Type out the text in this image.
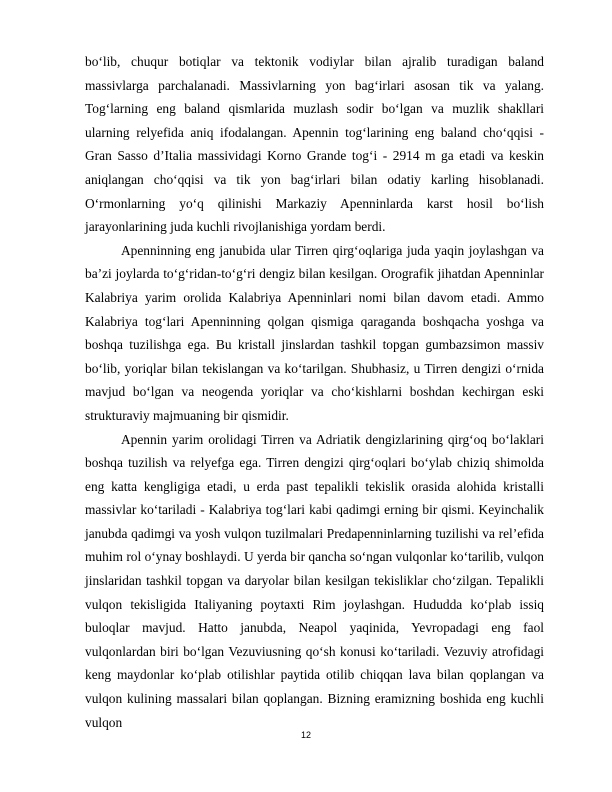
bo‘lib, chuqur botiqlar va tektonik vodiylar bilan ajralib turadigan baland massivlarga parchalanadi. Massivlarning yon bag‘irlari asosan tik va yalang. Tog‘larning eng baland qismlarida muzlash sodir bo‘lgan va muzlik shakllari ularning relyefida aniq ifodalangan. Apennin tog‘larining eng baland cho‘qqisi - Gran Sasso d’Italia massividagi Korno Grande tog‘i - 2914 m ga etadi va keskin aniqlangan cho‘qqisi va tik yon bag‘irlari bilan odatiy karling hisoblanadi. O‘rmonlarning yo‘q qilinishi Markaziy Apenninlarda karst hosil bo‘lish jarayonlarining juda kuchli rivojlanishiga yordam berdi.

Apenninning eng janubida ular Tirren qirg‘oqlariga juda yaqin joylashgan va ba’zi joylarda to‘g‘ridan-to‘g‘ri dengiz bilan kesilgan. Orografik jihatdan Apenninlar Kalabriya yarim orolida Kalabriya Apenninlari nomi bilan davom etadi. Ammo Kalabriya tog‘lari Apenninning qolgan qismiga qaraganda boshqacha yoshga va boshqa tuzilishga ega. Bu kristall jinslardan tashkil topgan gumbazsimon massiv bo‘lib, yoriqlar bilan tekislangan va ko‘tarilgan. Shubhasiz, u Tirren dengizi o‘rnida mavjud bo‘lgan va neogenda yoriqlar va cho‘kishlarni boshdan kechirgan eski strukturaviy majmuaning bir qismidir.

Apennin yarim orolidagi Tirren va Adriatik dengizlarining qirg‘oq bo‘laklari boshqa tuzilish va relyefga ega. Tirren dengizi qirg‘oqlari bo‘ylab chiziq shimolda eng katta kengligiga etadi, u erda past tepalikli tekislik orasida alohida kristalli massivlar ko‘tariladi - Kalabriya tog‘lari kabi qadimgi erning bir qismi. Keyinchalik janubda qadimgi va yosh vulqon tuzilmalari Predapenninlarning tuzilishi va rel’efida muhim rol o‘ynay boshlaydi. U yerda bir qancha so‘ngan vulqonlar ko‘tarilib, vulqon jinslaridan tashkil topgan va daryolar bilan kesilgan tekisliklar cho‘zilgan. Tepalikli vulqon tekisligida Italiyaning poytaxti Rim joylashgan. Hududda ko‘plab issiq buloqlar mavjud. Hatto janubda, Neapol yaqinida, Yevropadagi eng faol vulqonlardan biri bo‘lgan Vezuviusning qo‘sh konusi ko‘tariladi. Vezuviy atrofidagi keng maydonlar ko‘plab otilishlar paytida otilib chiqqan lava bilan qoplangan va vulqon kulining massalari bilan qoplangan. Bizning eramizning boshida eng kuchli vulqon

12
